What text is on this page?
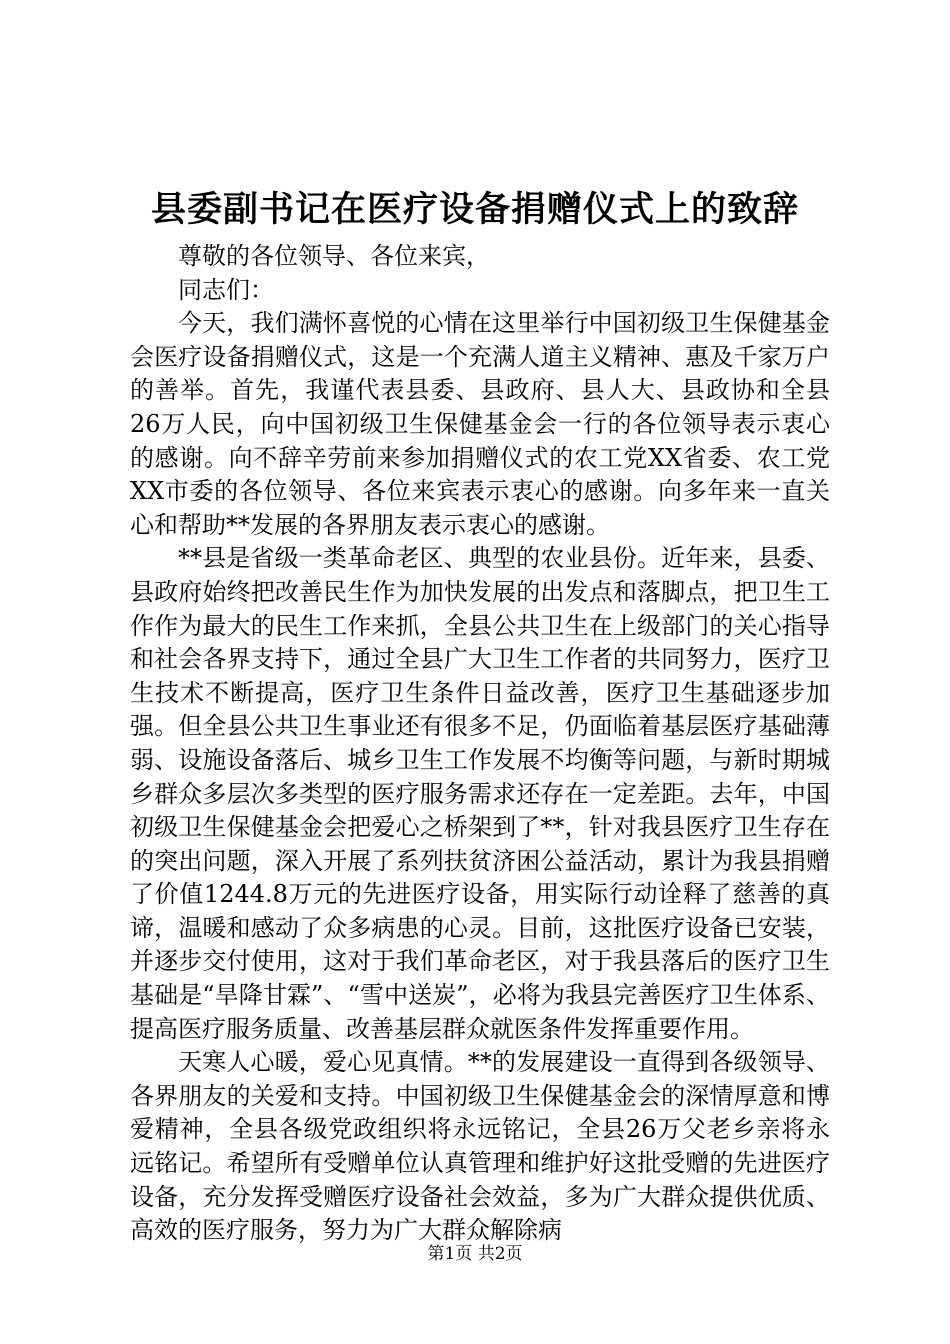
县委副书记在医疗设备捐赠仪式上的致辞

尊敬的各位领导、各位来宾，

同志们：

今天，我们满怀喜悦的心情在这里举行中国初级卫生保健基金会医疗设备捐赠仪式，这是一个充满人道主义精神、惠及千家万户的善举。首先，我谨代表县委、县政府、县人大、县政协和全县26万人民，向中国初级卫生保健基金会一行的各位领导表示衷心的感谢。向不辞辛劳前来参加捐赠仪式的农工党XX省委、农工党XX市委的各位领导、各位来宾表示衷心的感谢。向多年来一直关心和帮助**发展的各界朋友表示衷心的感谢。

**县是省级一类革命老区、典型的农业县份。近年来，县委、县政府始终把改善民生作为加快发展的出发点和落脚点，把卫生工作作为最大的民生工作来抓，全县公共卫生在上级部门的关心指导和社会各界支持下，通过全县广大卫生工作者的共同努力，医疗卫生技术不断提高，医疗卫生条件日益改善，医疗卫生基础逐步加强。但全县公共卫生事业还有很多不足，仍面临着基层医疗基础薄弱、设施设备落后、城乡卫生工作发展不均衡等问题，与新时期城乡群众多层次多类型的医疗服务需求还存在一定差距。去年，中国初级卫生保健基金会把爱心之桥架到了**，针对我县医疗卫生存在的突出问题，深入开展了系列扶贫济困公益活动，累计为我县捐赠了价值1244.8万元的先进医疗设备，用实际行动诠释了慈善的真谛，温暖和感动了众多病患的心灵。目前，这批医疗设备已安装，并逐步交付使用，这对于我们革命老区，对于我县落后的医疗卫生基础是“旱降甘霖”、“雪中送炭”，必将为我县完善医疗卫生体系、提高医疗服务质量、改善基层群众就医条件发挥重要作用。

天寒人心暖，爱心见真情。**的发展建设一直得到各级领导、各界朋友的关爱和支持。中国初级卫生保健基金会的深情厚意和博爱精神，全县各级党政组织将永远铭记，全县26万父老乡亲将永远铭记。希望所有受赠单位认真管理和维护好这批受赠的先进医疗设备，充分发挥受赠医疗设备社会效益，多为广大群众提供优质、高效的医疗服务，努力为广大群众解除病

第1页 共2页
